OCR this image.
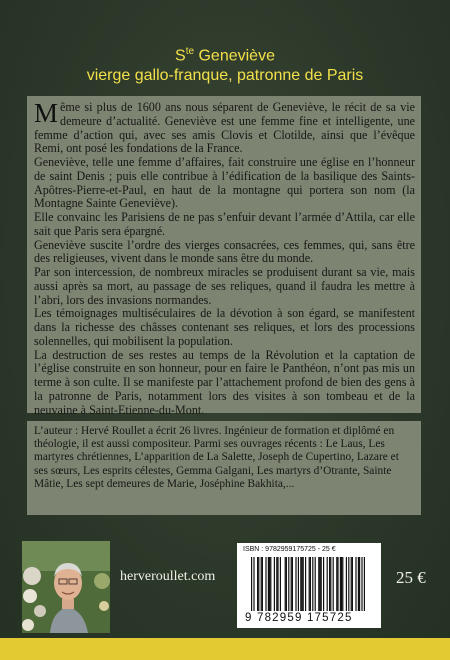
$S^{te}$ Geneviève
vierge gallo-franque, patronne de Paris
M ême si plus de 1600 ans nous séparent de Geneviève, le récit de sa vie demeure d’actualité. Geneviève est une femme fine et intelligente, une femme d’action qui, avec ses amis Clovis et Clotilde, ainsi que l’évêque Remi, ont posé les fondations de la France.

Geneviève, telle une femme d’affaires, fait construire une église en l’honneur de saint Denis ; puis elle contribue à l’édification de la basilique des Saints-Apôtres-Pierre-et-Paul, en haut de la montagne qui portera son nom (la Montagne Sainte Geneviève).

Elle convainc les Parisiens de ne pas s’enfuir devant l’armée d’Attila, car elle sait que Paris sera épargné.

Geneviève suscite l’ordre des vierges consacrées, ces femmes, qui, sans être des religieuses, vivent dans le monde sans être du monde.

Par son intercession, de nombreux miracles se produisent durant sa vie, mais aussi après sa mort, au passage de ses reliques, quand il faudra les mettre à l’abri, lors des invasions normandes.

Les témoignages multiséculaires de la dévotion à son égard, se manifestent dans la richesse des châsses contenant ses reliques, et lors des processions solennelles, qui mobilisent la population.

La destruction de ses restes au temps de la Révolution et la captation de l’église construite en son honneur, pour en faire le Panthéon, n’ont pas mis un terme à son culte. Il se manifeste par l’attachement profond de bien des gens à la patronne de Paris, notamment lors des visites à son tombeau et de la neuvaine à Saint-Etienne-du-Mont.

L’auteur : Hervé Roullet a écrit 26 livres. Ingénieur de formation et diplômé en théologie, il est aussi compositeur. Parmi ses ouvrages récents : Le Laus, Les martyres chrétiennes, L’apparition de La Salette, Joseph de Cupertino, Lazare et ses sœurs, Les esprits célestes, Gemma Galgani, Les martyrs d’Otrante, Sainte Mâtie, Les sept demeures de Marie, Joséphine Bakhita,...

herveroullet.com
ISBN : 9782959175725 - 25 €
9 782959 175725
25 €
